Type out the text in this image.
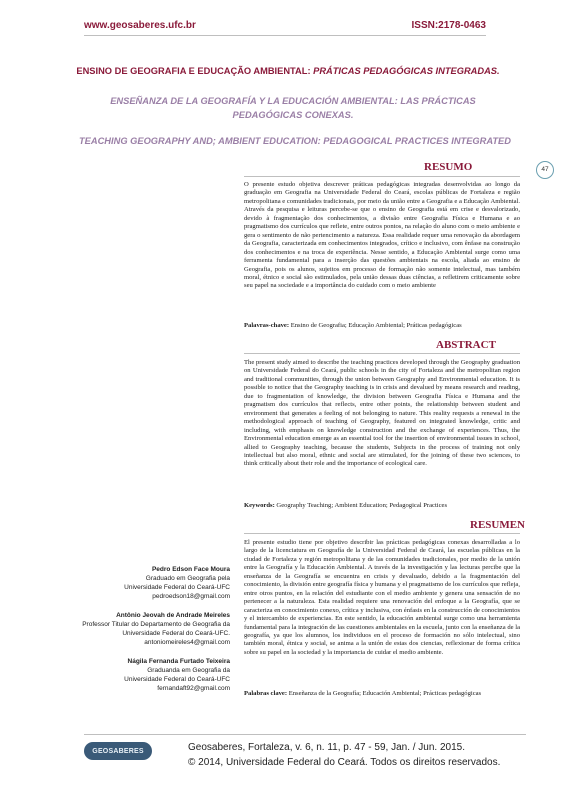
www.geosaberes.ufc.br	ISSN:2178-0463
ENSINO DE GEOGRAFIA E EDUCAÇÃO AMBIENTAL: PRÁTICAS PEDAGÓGICAS INTEGRADAS.
ENSEÑANZA DE LA GEOGRAFÍA Y LA EDUCACIÓN AMBIENTAL: LAS PRÁCTICAS PEDAGÓGICAS CONEXAS.
TEACHING GEOGRAPHY AND; AMBIENT EDUCATION: PEDAGOGICAL PRACTICES INTEGRATED
47
RESUMO
O presente estudo objetiva descrever práticas pedagógicas integradas desenvolvidas ao longo da graduação em Geografia na Universidade Federal do Ceará, escolas públicas de Fortaleza e região metropolitana e comunidades tradicionais, por meio da união entre a Geografia e a Educação Ambiental. Através da pesquisa e leituras percebe-se que o ensino de Geografia está em crise e desvalorizado, devido à fragmentação dos conhecimentos, a divisão entre Geografia Física e Humana e ao pragmatismo dos currículos que reflete, entre outros pontos, na relação do aluno com o meio ambiente e gera o sentimento de não pertencimento a natureza. Essa realidade requer uma renovação da abordagem da Geografia, caracterizada em conhecimentos integrados, crítico e inclusivo, com ênfase na construção dos conhecimentos e na troca de experiência. Nesse sentido, a Educação Ambiental surge como uma ferramenta fundamental para a inserção das questões ambientais na escola, aliada ao ensino de Geografia, pois os alunos, sujeitos em processo de formação não somente intelectual, mas também moral, étnico e social são estimulados, pela união dessas duas ciências, a refletirem criticamente sobre seu papel na sociedade e a importância do cuidado com o meio ambiente
Palavras-chave: Ensino de Geografia; Educação Ambiental; Práticas pedagógicas
ABSTRACT
The present study aimed to describe the teaching practices developed through the Geography graduation on Universidade Federal do Ceará, public schools in the city of Fortaleza and the metropolitan region and traditional communities, through the union between Geography and Environmental education. It is possible to notice that the Geography teaching is in crisis and devalued by means research and reading, due to fragmentation of knowledge, the division between Geografia Física e Humana and the pragmatism dos currículos that reflects, entre other points, the relationship between student and environment that generates a feeling of not belonging to nature. This reality requests a renewal in the methodological approach of teaching of Geography, featured on integrated knowledge, critic and including, with emphasis on knowledge construction and the exchange of experiences. Thus, the Environmental education emerge as an essential tool for the insertion of environmental issues in school, allied to Geography teaching, because the students, Subjects in the process of training not only intellectual but also moral, ethnic and social are stimulated, for the joining of these two sciences, to think critically about their role and the importance of ecological care.
Keywords: Geography Teaching; Ambient Education; Pedagogical Practices
RESUMEN
El presente estudio tiene por objetivo describir las prácticas pedagógicas conexas desarrolladas a lo largo de la licenciatura en Geografía de la Universidad Federal de Ceará, las escuelas públicas en la ciudad de Fortaleza y región metropolitana y de las comunidades tradicionales, por medio de la unión entre la Geografía y la Educación Ambiental. A través de la investigación y las lecturas percibe que la enseñanza de la Geografía se encuentra en crisis y devaluado, debido a la fragmentación del conocimiento, la división entre geografía física y humana y el pragmatismo de los currículos que refleja, entre otros puntos, en la relación del estudiante con el medio ambiente y genera una sensación de no pertenecer a la naturaleza. Esta realidad requiere una renovación del enfoque a la Geografía, que se caracteriza en conocimiento conexo, crítica y inclusiva, con énfasis en la construcción de conocimientos y el intercambio de experiencias. En este sentido, la educación ambiental surge como una herramienta fundamental para la integración de las cuestiones ambientales en la escuela, junto con la enseñanza de la geografía, ya que los alumnos, los individuos en el proceso de formación no sólo intelectual, sino también moral, étnica y social, se anima a la unión de estas dos ciencias, reflexionar de forma crítica sobre su papel en la sociedad y la importancia de cuidar el medio ambiente.
Palabras clave: Enseñanza de la Geografía; Educación Ambiental; Prácticas pedagógicas
Pedro Edson Face Moura
Graduado em Geografia pela
Universidade Federal do Ceará-UFC
pedroedson18@gmail.com
Antônio Jeovah de Andrade Meireles
Professor Titular do Departamento de Geografia da
Universidade Federal do Ceará-UFC.
antoniomeireles4@gmail.com
Nágila Fernanda Furtado Teixeira
Graduanda em Geografia da
Universidade Federal do Ceará-UFC
fernandaft92@gmail.com
GEOSABERES	Geosaberes, Fortaleza, v. 6, n. 11, p. 47 - 59, Jan. / Jun. 2015.
© 2014, Universidade Federal do Ceará. Todos os direitos reservados.
